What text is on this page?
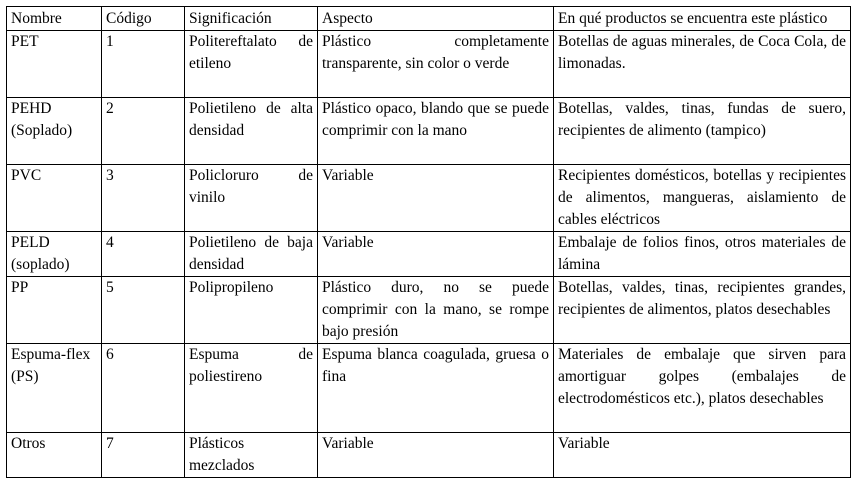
Nombre	Código	Significación	Aspecto	En qué productos se encuentra este plástico
PET	1	Politereftalato de etileno	Plástico completamente transparente, sin color o verde	Botellas de aguas minerales, de Coca Cola, de limonadas.
PEHD (Soplado)	2	Polietileno de alta densidad	Plástico opaco, blando que se puede comprimir con la mano	Botellas, valdes, tinas, fundas de suero, recipientes de alimento (tampico)
PVC	3	Policloruro de vinilo	Variable	Recipientes domésticos, botellas y recipientes de alimentos, mangueras, aislamiento de cables eléctricos
PELD (soplado)	4	Polietileno de baja densidad	Variable	Embalaje de folios finos, otros materiales de lámina
PP	5	Polipropileno	Plástico duro, no se puede comprimir con la mano, se rompe bajo presión	Botellas, valdes, tinas, recipientes grandes, recipientes de alimentos, platos desechables
Espuma-flex (PS)	6	Espuma de poliestireno	Espuma blanca coagulada, gruesa o fina	Materiales de embalaje que sirven para amortiguar golpes (embalajes de electrodomésticos etc.), platos desechables
Otros	7	Plásticos mezclados	Variable	Variable
